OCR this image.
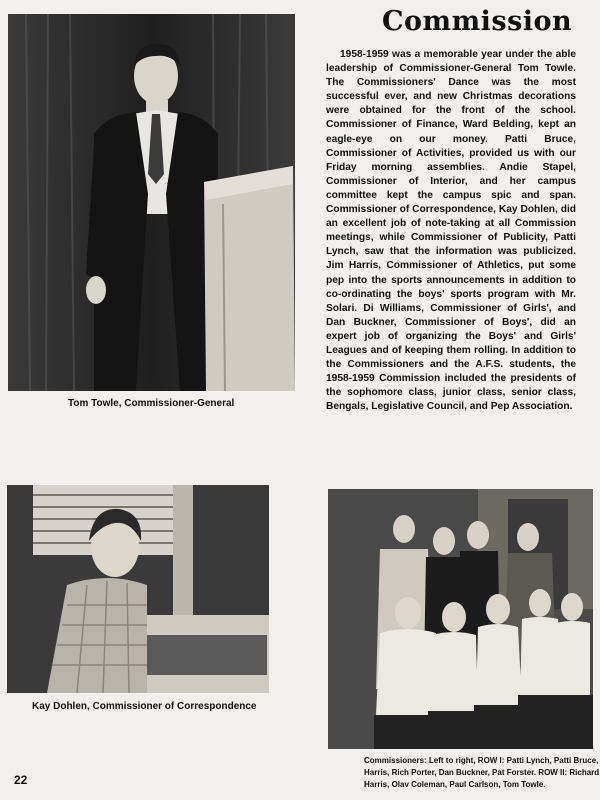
Commission
Tom Towle, Commissioner-General
1958-1959 was a memorable year under the able leadership of Commissioner-General Tom Towle. The Commissioners' Dance was the most successful ever, and new Christmas decorations were obtained for the front of the school. Commissioner of Finance, Ward Belding, kept an eagle-eye on our money. Patti Bruce, Commissioner of Activities, provided us with our Friday morning assemblies. Andie Stapel, Commissioner of Interior, and her campus committee kept the campus spic and span. Commissioner of Correspondence, Kay Dohlen, did an excellent job of note-taking at all Commission meetings, while Commissioner of Publicity, Patti Lynch, saw that the information was publicized. Jim Harris, Commissioner of Athletics, put some pep into the sports announcements in addition to co-ordinating the boys' sports program with Mr. Solari. Di Williams, Commissioner of Girls', and Dan Buckner, Commissioner of Boys', did an expert job of organizing the Boys' and Girls' Leagues and of keeping them rolling. In addition to the Commissioners and the A.F.S. students, the 1958-1959 Commission included the presidents of the sophomore class, junior class, senior class, Bengals, Legislative Council, and Pep Association.
Kay Dohlen, Commissioner of Correspondence
Commissioners: Left to right, ROW I: Patti Lynch, Patti Bruce, Harris, Rich Porter, Dan Buckner, Pat Forster. ROW II: Richard Harris, Olav Coleman, Paul Carlson, Tom Towle.
22
